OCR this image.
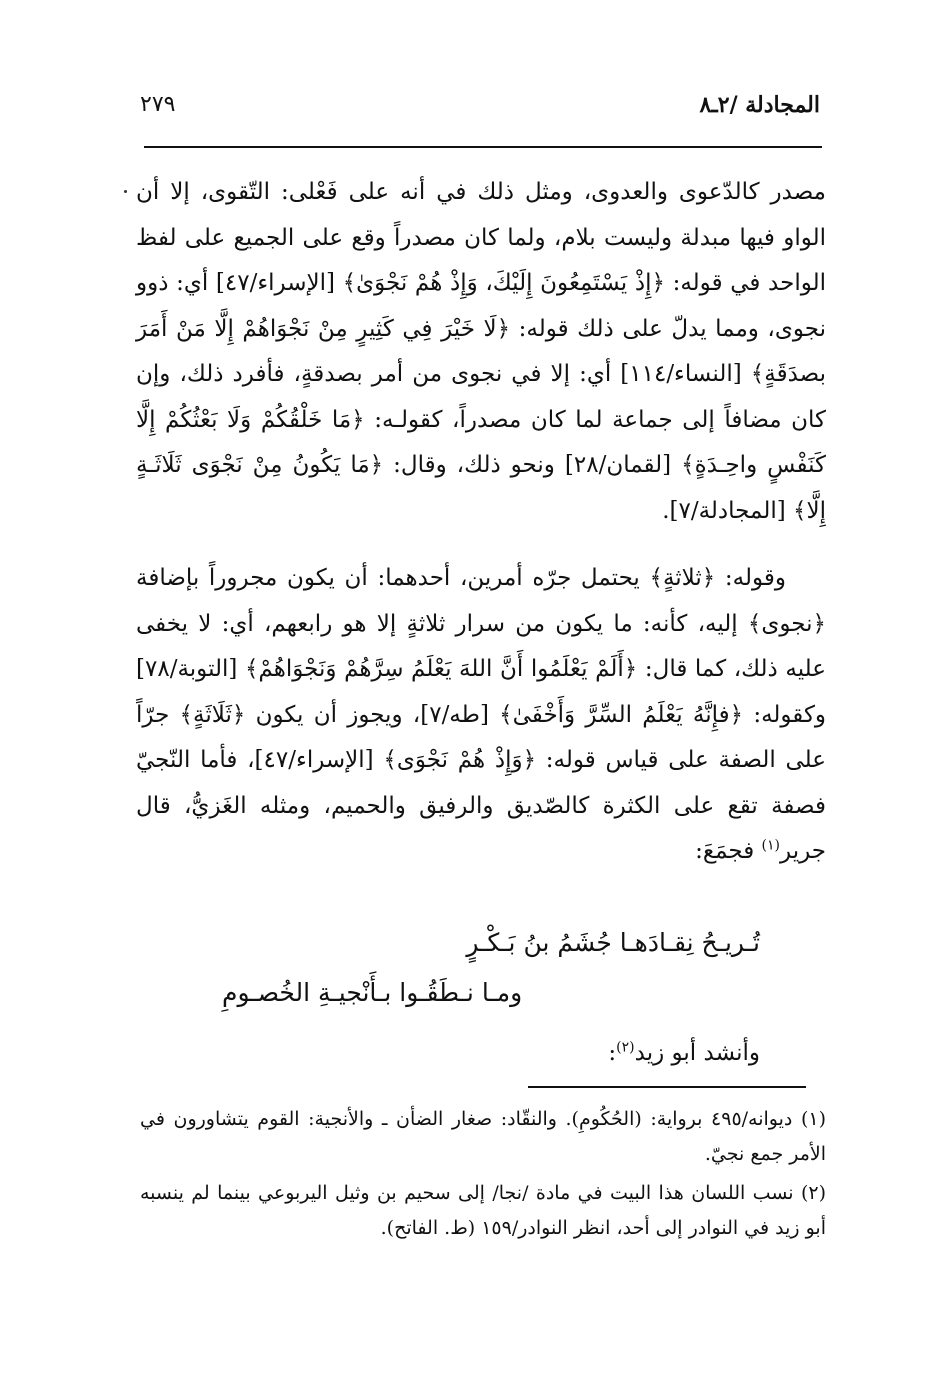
المجادلة /٢ـ٨
٢٧٩

مصدر كالدّعوى والعدوى، ومثل ذلك في أنه على فَعْلى: التّقوى، إلا أن الواو فيها مبدلة وليست بلام، ولما كان مصدراً وقع على الجميع على لفظ الواحد في قوله: ﴿إِذْ يَسْتَمِعُونَ إِلَيْكَ، وَإِذْ هُمْ نَجْوَىٰ﴾ [الإسراء/٤٧] أي: ذوو نجوى، ومما يدلّ على ذلك قوله: ﴿لَا خَيْرَ فِي كَثِيرٍ مِنْ نَجْوَاهُمْ إِلَّا مَنْ أَمَرَ بصدَقَةٍ﴾ [النساء/١١٤] أي: إلا في نجوى من أمر بصدقةٍ، فأفرد ذلك، وإن كان مضافاً إلى جماعة لما كان مصدراً، كقولـه: ﴿مَا خَلْقُكُمْ وَلَا بَعْثُكُمْ إِلَّا كَنَفْسٍ واحِـدَةٍ﴾ [لقمان/٢٨] ونحو ذلك، وقال: ﴿مَا يَكُونُ مِنْ نَجْوَى ثَلَاثَـةٍ إِلَّا﴾ [المجادلة/٧].

وقوله: ﴿ثلاثةٍ﴾ يحتمل جرّه أمرين، أحدهما: أن يكون مجروراً بإضافة ﴿نجوى﴾ إليه، كأنه: ما يكون من سرار ثلاثةٍ إلا هو رابعهم، أي: لا يخفى عليه ذلك، كما قال: ﴿أَلَمْ يَعْلَمُوا أَنَّ اللهَ يَعْلَمُ سِرَّهُمْ وَنَجْوَاهُمْ﴾ [التوبة/٧٨] وكقوله: ﴿فإِنَّهُ يَعْلَمُ السِّرَّ وَأَخْفَىٰ﴾ [طه/٧]، ويجوز أن يكون ﴿ثَلَاثَةٍ﴾ جرّاً على الصفة على قياس قوله: ﴿وَإِذْ هُمْ نَجْوَى﴾ [الإسراء/٤٧]، فأما النّجيّ فصفة تقع على الكثرة كالصّديق والرفيق والحميم، ومثله الغَزيُّ، قال جرير$^{(١)}$ فجمَعَ:

تُـريـحُ نِقـادَهـا جُشَمُ بنُ بَـكْـرٍ
ومـا نـطَقُـوا بـأَنْجيـةِ الخُصـومِ
وأنشد أبو زيد$^{(٢)}$:

(١) ديوانه/٤٩٥ برواية: (الحُكُومِ). والنقّاد: صغار الضأن ـ والأنجية: القوم يتشاورون في الأمر جمع نجيّ.

(٢) نسب اللسان هذا البيت في مادة /نجا/ إلى سحيم بن وثيل اليربوعي بينما لم ينسبه أبو زيد في النوادر إلى أحد، انظر النوادر/١٥٩ (ط. الفاتح).
